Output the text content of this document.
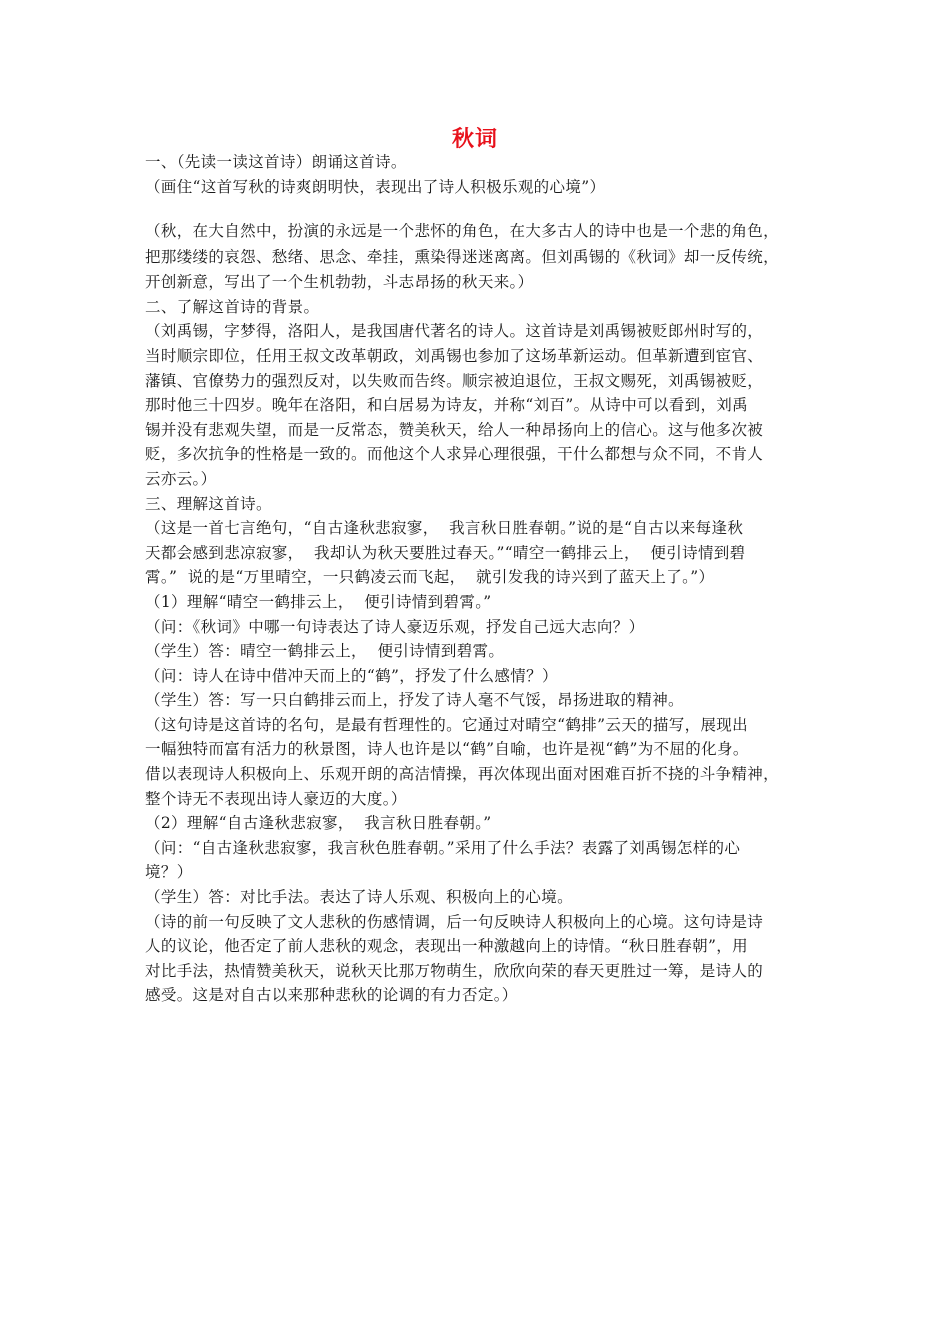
秋词
一、（先读一读这首诗）朗诵这首诗。
（画住“这首写秋的诗爽朗明快，表现出了诗人积极乐观的心境”）
（秋，在大自然中，扮演的永远是一个悲怀的角色，在大多古人的诗中也是一个悲的角色，
把那缕缕的哀怨、愁绪、思念、牵挂，熏染得迷迷离离。但刘禹锡的《秋词》却一反传统，
开创新意，写出了一个生机勃勃，斗志昂扬的秋天来。）
二、了解这首诗的背景。
（刘禹锡，字梦得，洛阳人，是我国唐代著名的诗人。这首诗是刘禹锡被贬郎州时写的，
当时顺宗即位，任用王叔文改革朝政，刘禹锡也参加了这场革新运动。但革新遭到宦官、
藩镇、官僚势力的强烈反对，以失败而告终。顺宗被迫退位，王叔文赐死，刘禹锡被贬，
那时他三十四岁。晚年在洛阳，和白居易为诗友，并称“刘百”。从诗中可以看到，刘禹
锡并没有悲观失望，而是一反常态，赞美秋天，给人一种昂扬向上的信心。这与他多次被
贬，多次抗争的性格是一致的。而他这个人求异心理很强，干什么都想与众不同，不肯人
云亦云。）
三、理解这首诗。
（这是一首七言绝句，“自古逢秋悲寂寥，  我言秋日胜春朝。”说的是“自古以来每逢秋
天都会感到悲凉寂寥，  我却认为秋天要胜过春天。”“晴空一鹤排云上，  便引诗情到碧
霄。”  说的是“万里晴空，一只鹤凌云而飞起，  就引发我的诗兴到了蓝天上了。”）
（1）理解“晴空一鹤排云上，  便引诗情到碧霄。”
（问：《秋词》中哪一句诗表达了诗人豪迈乐观，抒发自己远大志向？）
（学生）答：晴空一鹤排云上，  便引诗情到碧霄。
（问：诗人在诗中借冲天而上的“鹤”，抒发了什么感情？）
（学生）答：写一只白鹤排云而上，抒发了诗人毫不气馁，昂扬进取的精神。
（这句诗是这首诗的名句，是最有哲理性的。它通过对晴空“鹤排”云天的描写，展现出
一幅独特而富有活力的秋景图，诗人也许是以“鹤”自喻，也许是视“鹤”为不屈的化身。
借以表现诗人积极向上、乐观开朗的高洁情操，再次体现出面对困难百折不挠的斗争精神，
整个诗无不表现出诗人豪迈的大度。）
（2）理解“自古逢秋悲寂寥，  我言秋日胜春朝。”
（问：“自古逢秋悲寂寥，我言秋色胜春朝。”采用了什么手法？表露了刘禹锡怎样的心
境？）
（学生）答：对比手法。表达了诗人乐观、积极向上的心境。
（诗的前一句反映了文人悲秋的伤感情调，后一句反映诗人积极向上的心境。这句诗是诗
人的议论，他否定了前人悲秋的观念，表现出一种激越向上的诗情。“秋日胜春朝”，用
对比手法，热情赞美秋天，说秋天比那万物萌生，欣欣向荣的春天更胜过一筹，是诗人的
感受。这是对自古以来那种悲秋的论调的有力否定。）
